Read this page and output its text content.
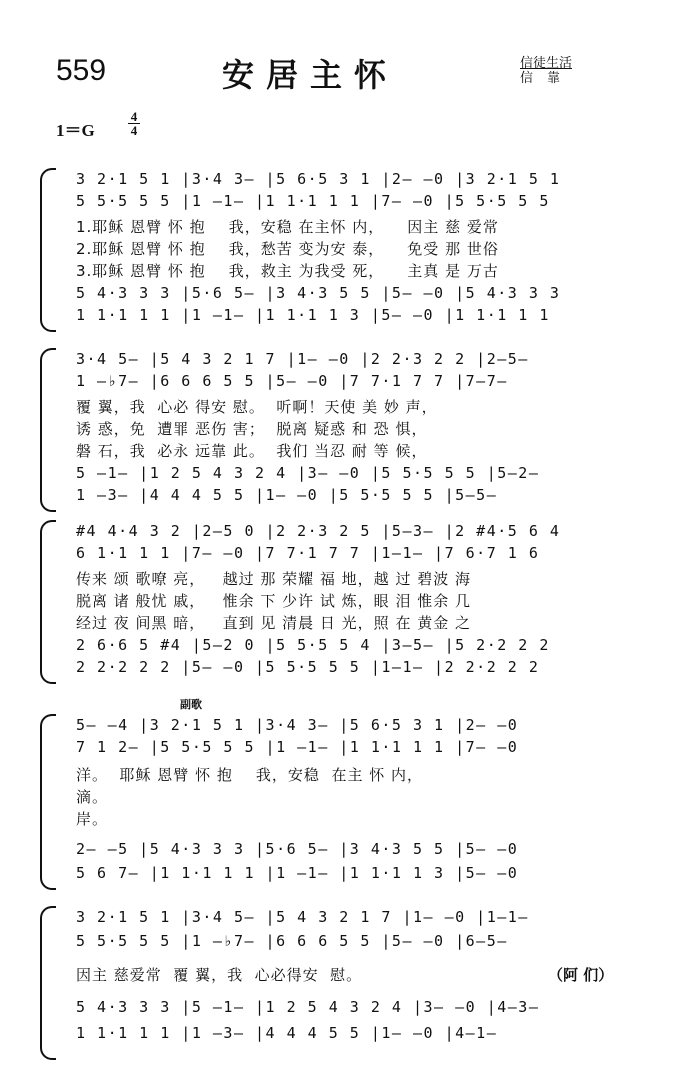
559	安居主怀	信徒生活
信靠
1＝G
4
4
3 2·1 5 1 |3·4 3– |5 6·5 3 1 |2– –0 |3 2·1 5 1
5 5·5 5 5 |1 –1– |1 1·1 1 1 |7– –0 |5 5·5 5 5
1.耶稣 恩臂 怀 抱    我，安稳 在主怀 内，    因主 慈 爱常
2.耶稣 恩臂 怀 抱    我，愁苦 变为安 泰，    免受 那 世俗
3.耶稣 恩臂 怀 抱    我，救主 为我受 死，    主真 是 万古
5 4·3 3 3 |5·6 5– |3 4·3 5 5 |5– –0 |5 4·3 3 3
1 1·1 1 1 |1 –1– |1 1·1 1 3 |5– –0 |1 1·1 1 1
3·4 5– |5 4 3 2 1 7 |1– –0 |2 2·3 2 2 |2–5–
1 –♭7– |6 6 6 5 5 |5– –0 |7 7·1 7 7 |7–7–
覆 翼，我  心必 得安 慰。  听啊！天使 美 妙 声，
诱 惑，免  遭罪 恶伤 害；  脱离 疑惑 和 恐 惧，
磐 石，我  必永 远靠 此。  我们 当忍 耐 等 候，
5 –1– |1 2 5 4 3 2 4 |3– –0 |5 5·5 5 5 |5–2–
1 –3– |4 4 4 5 5 |1– –0 |5 5·5 5 5 |5–5–
#4 4·4 3 2 |2–5 0 |2 2·3 2 5 |5–3– |2 #4·5 6 4
6 1·1 1 1 |7– –0 |7 7·1 7 7 |1–1– |7 6·7 1 6
传来 颂 歌嘹 亮，   越过 那 荣耀 福 地，越 过 碧波 海
脱离 诸 般忧 戚，   惟余 下 少许 试 炼，眼 泪 惟余 几
经过 夜 间黑 暗，   直到 见 清晨 日 光，照 在 黄金 之
2 6·6 5 #4 |5–2 0 |5 5·5 5 4 |3–5– |5 2·2 2 2
2 2·2 2 2 |5– –0 |5 5·5 5 5 |1–1– |2 2·2 2 2
副歌
5– –4 |3 2·1 5 1 |3·4 3– |5 6·5 3 1 |2– –0
7 1 2– |5 5·5 5 5 |1 –1– |1 1·1 1 1 |7– –0
洋。  耶稣 恩臂 怀 抱    我，安稳  在主 怀 内，
滴。
岸。
2– –5 |5 4·3 3 3 |5·6 5– |3 4·3 5 5 |5– –0
5 6 7– |1 1·1 1 1 |1 –1– |1 1·1 1 3 |5– –0
3 2·1 5 1 |3·4 5– |5 4 3 2 1 7 |1– –0 |1–1–
5 5·5 5 5 |1 –♭7– |6 6 6 5 5 |5– –0 |6–5–
因主 慈爱常  覆 翼，我  心必得安  慰。
5 4·3 3 3 |5 –1– |1 2 5 4 3 2 4 |3– –0 |4–3–
1 1·1 1 1 |1 –3– |4 4 4 5 5 |1– –0 |4–1–
（阿 们）
